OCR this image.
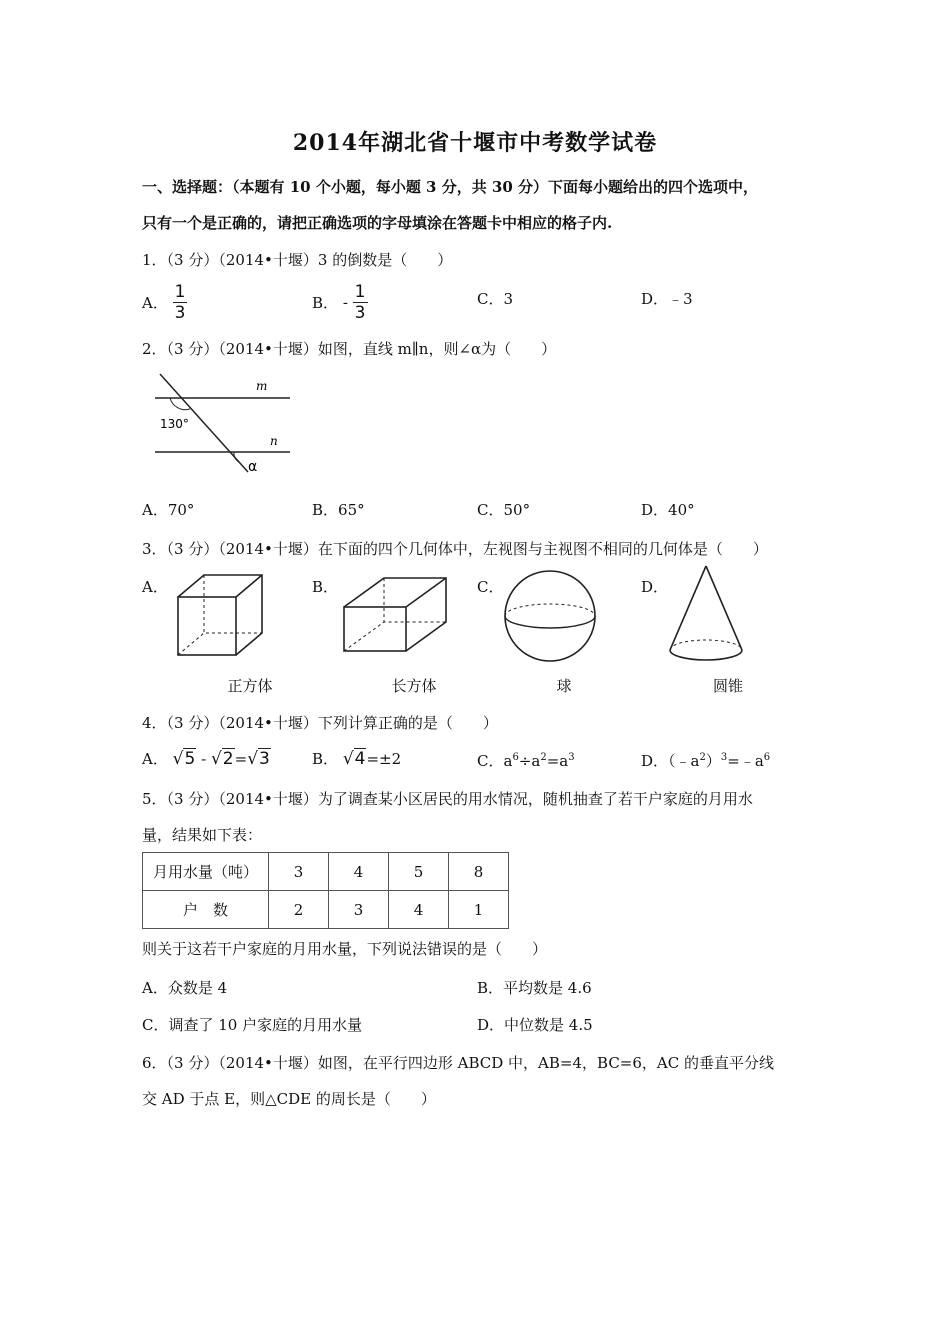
2014年湖北省十堰市中考数学试卷
一、选择题：（本题有 10 个小题，每小题 3 分，共 30 分）下面每小题给出的四个选项中，
只有一个是正确的，请把正确选项的字母填涂在答题卡中相应的格子内.
1．（3 分）（2014•十堰）3 的倒数是（　　）
A． $\frac{1}{3}$	B． - $\frac{1}{3}$	C．3	D．﹣3
2．（3 分）（2014•十堰）如图，直线 m∥n，则∠α为（　　）
m
n
130°
α
A．70°	B．65°	C．50°	D．40°
3．（3 分）（2014•十堰）在下面的四个几何体中，左视图与主视图不相同的几何体是（　　）
A．	B．	C．	D．
正方体	长方体	球	圆锥
4．（3 分）（2014•十堰）下列计算正确的是（　　）
A． √5 - √2=√3	B． √4=±2	C．$a^6\div a^2=a^3$	D．$(﹣a^2)^3=﹣a^6$
5．（3 分）（2014•十堰）为了调查某小区居民的用水情况，随机抽查了若干户家庭的月用水
量，结果如下表：
月用水量（吨）	3	4	5	8
户　数	2	3	4	1
则关于这若干户家庭的月用水量，下列说法错误的是（　　）
A．众数是 4	B．平均数是 4.6
C．调查了 10 户家庭的月用水量	D．中位数是 4.5
6．（3 分）（2014•十堰）如图，在平行四边形 ABCD 中，AB=4，BC=6，AC 的垂直平分线
交 AD 于点 E，则△CDE 的周长是（　　）
